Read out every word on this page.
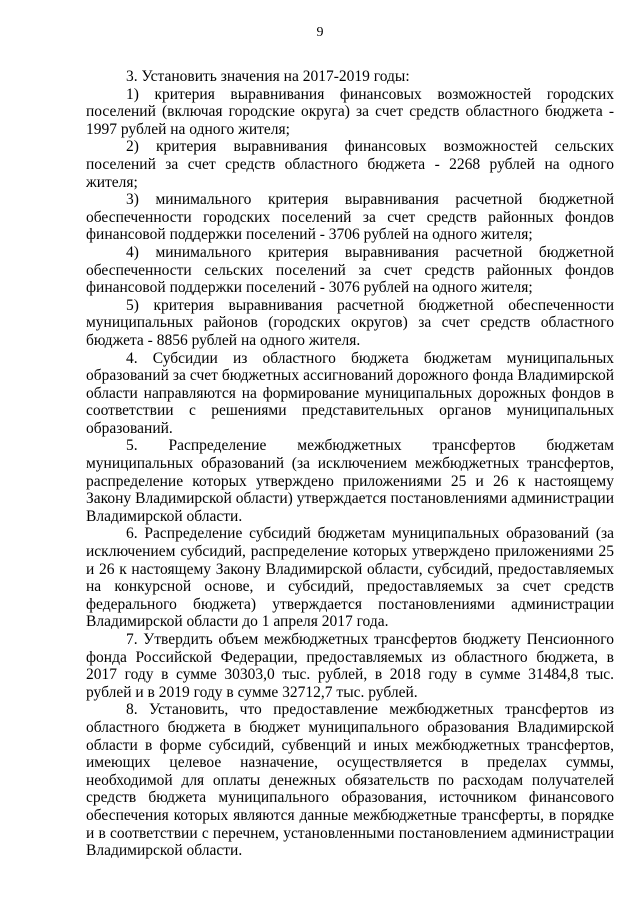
9

3. Установить значения на 2017-2019 годы:

1) критерия выравнивания финансовых возможностей городских поселений (включая городские округа) за счет средств областного бюджета - 1997 рублей на одного жителя;

2) критерия выравнивания финансовых возможностей сельских поселений за счет средств областного бюджета - 2268 рублей на одного жителя;

3) минимального критерия выравнивания расчетной бюджетной обеспеченности городских поселений за счет средств районных фондов финансовой поддержки поселений - 3706 рублей на одного жителя;

4) минимального критерия выравнивания расчетной бюджетной обеспеченности сельских поселений за счет средств районных фондов финансовой поддержки поселений - 3076 рублей на одного жителя;

5) критерия выравнивания расчетной бюджетной обеспеченности муниципальных районов (городских округов) за счет средств областного бюджета - 8856 рублей на одного жителя.

4. Субсидии из областного бюджета бюджетам муниципальных образований за счет бюджетных ассигнований дорожного фонда Владимирской области направляются на формирование муниципальных дорожных фондов в соответствии с решениями представительных органов муниципальных образований.

5. Распределение межбюджетных трансфертов бюджетам муниципальных образований (за исключением межбюджетных трансфертов, распределение которых утверждено приложениями 25 и 26 к настоящему Закону Владимирской области) утверждается постановлениями администрации Владимирской области.

6. Распределение субсидий бюджетам муниципальных образований (за исключением субсидий, распределение которых утверждено приложениями 25 и 26 к настоящему Закону Владимирской области, субсидий, предоставляемых на конкурсной основе, и субсидий, предоставляемых за счет средств федерального бюджета) утверждается постановлениями администрации Владимирской области до 1 апреля 2017 года.

7. Утвердить объем межбюджетных трансфертов бюджету Пенсионного фонда Российской Федерации, предоставляемых из областного бюджета, в 2017 году в сумме 30303,0 тыс. рублей, в 2018 году в сумме 31484,8 тыс. рублей и в 2019 году в сумме 32712,7 тыс. рублей.

8. Установить, что предоставление межбюджетных трансфертов из областного бюджета в бюджет муниципального образования Владимирской области в форме субсидий, субвенций и иных межбюджетных трансфертов, имеющих целевое назначение, осуществляется в пределах суммы, необходимой для оплаты денежных обязательств по расходам получателей средств бюджета муниципального образования, источником финансового обеспечения которых являются данные межбюджетные трансферты, в порядке и в соответствии с перечнем, установленными постановлением администрации Владимирской области.
